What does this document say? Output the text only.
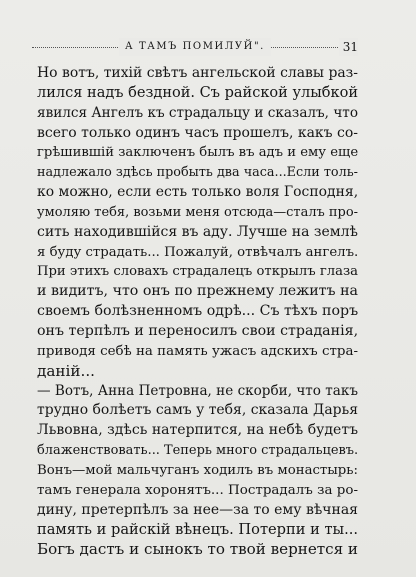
А ТАМЪ ПОМИЛУЙ".	31
Но вотъ, тихій свѣтъ ангельской славы раз-
лился надъ бездной. Съ райской улыбкой
явился Ангелъ къ страдальцу и сказалъ, что
всего только одинъ часъ прошелъ, какъ со-
грѣшившій заключенъ былъ въ адъ и ему еще
надлежало здѣсь пробыть два часа...Если толь-
ко можно, если есть только воля Господня,
умоляю тебя, возьми меня отсюда—сталъ про-
сить находившійся въ аду. Лучше на землѣ
я буду страдать... Пожалуй, отвѣчалъ ангелъ.
При этихъ словахъ страдалецъ открылъ глаза
и видитъ, что онъ по прежнему лежитъ на
своемъ болѣзненномъ одрѣ... Съ тѣхъ поръ
онъ терпѣлъ и переносилъ свои страданія,
приводя себѣ на память ужасъ адскихъ стра-
даній...
— Вотъ, Анна Петровна, не скорби, что такъ
трудно болѣетъ самъ у тебя, сказала Дарья
Львовна, здѣсь натерпится, на небѣ будетъ
блаженствовать... Теперь много страдальцевъ.
Вонъ—мой мальчуганъ ходилъ въ монастырь:
тамъ генерала хоронятъ... Пострадалъ за ро-
дину, претерпѣлъ за нее—за то ему вѣчная
память и райскій вѣнецъ. Потерпи и ты...
Богъ дастъ и сынокъ то твой вернется и
